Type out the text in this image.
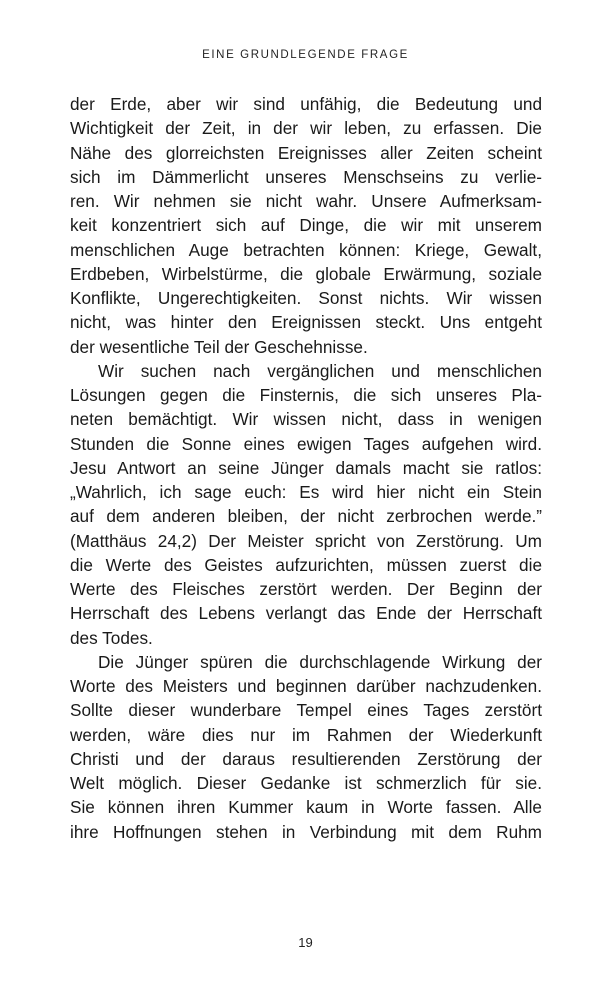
EINE GRUNDLEGENDE FRAGE
der Erde, aber wir sind unfähig, die Bedeutung und
Wichtigkeit der Zeit, in der wir leben, zu erfassen. Die
Nähe des glorreichsten Ereignisses aller Zeiten scheint
sich im Dämmerlicht unseres Menschseins zu verlie-
ren. Wir nehmen sie nicht wahr. Unsere Aufmerksam-
keit konzentriert sich auf Dinge, die wir mit unserem
menschlichen Auge betrachten können: Kriege, Gewalt,
Erdbeben, Wirbelstürme, die globale Erwärmung, soziale
Konflikte, Ungerechtigkeiten. Sonst nichts. Wir wissen
nicht, was hinter den Ereignissen steckt. Uns entgeht
der wesentliche Teil der Geschehnisse.
Wir suchen nach vergänglichen und menschlichen
Lösungen gegen die Finsternis, die sich unseres Pla-
neten bemächtigt. Wir wissen nicht, dass in wenigen
Stunden die Sonne eines ewigen Tages aufgehen wird.
Jesu Antwort an seine Jünger damals macht sie ratlos:
„Wahrlich, ich sage euch: Es wird hier nicht ein Stein
auf dem anderen bleiben, der nicht zerbrochen werde.”
(Matthäus 24,2) Der Meister spricht von Zerstörung. Um
die Werte des Geistes aufzurichten, müssen zuerst die
Werte des Fleisches zerstört werden. Der Beginn der
Herrschaft des Lebens verlangt das Ende der Herrschaft
des Todes.
Die Jünger spüren die durchschlagende Wirkung der
Worte des Meisters und beginnen darüber nachzudenken.
Sollte dieser wunderbare Tempel eines Tages zerstört
werden, wäre dies nur im Rahmen der Wiederkunft
Christi und der daraus resultierenden Zerstörung der
Welt möglich. Dieser Gedanke ist schmerzlich für sie.
Sie können ihren Kummer kaum in Worte fassen. Alle
ihre Hoffnungen stehen in Verbindung mit dem Ruhm
19
